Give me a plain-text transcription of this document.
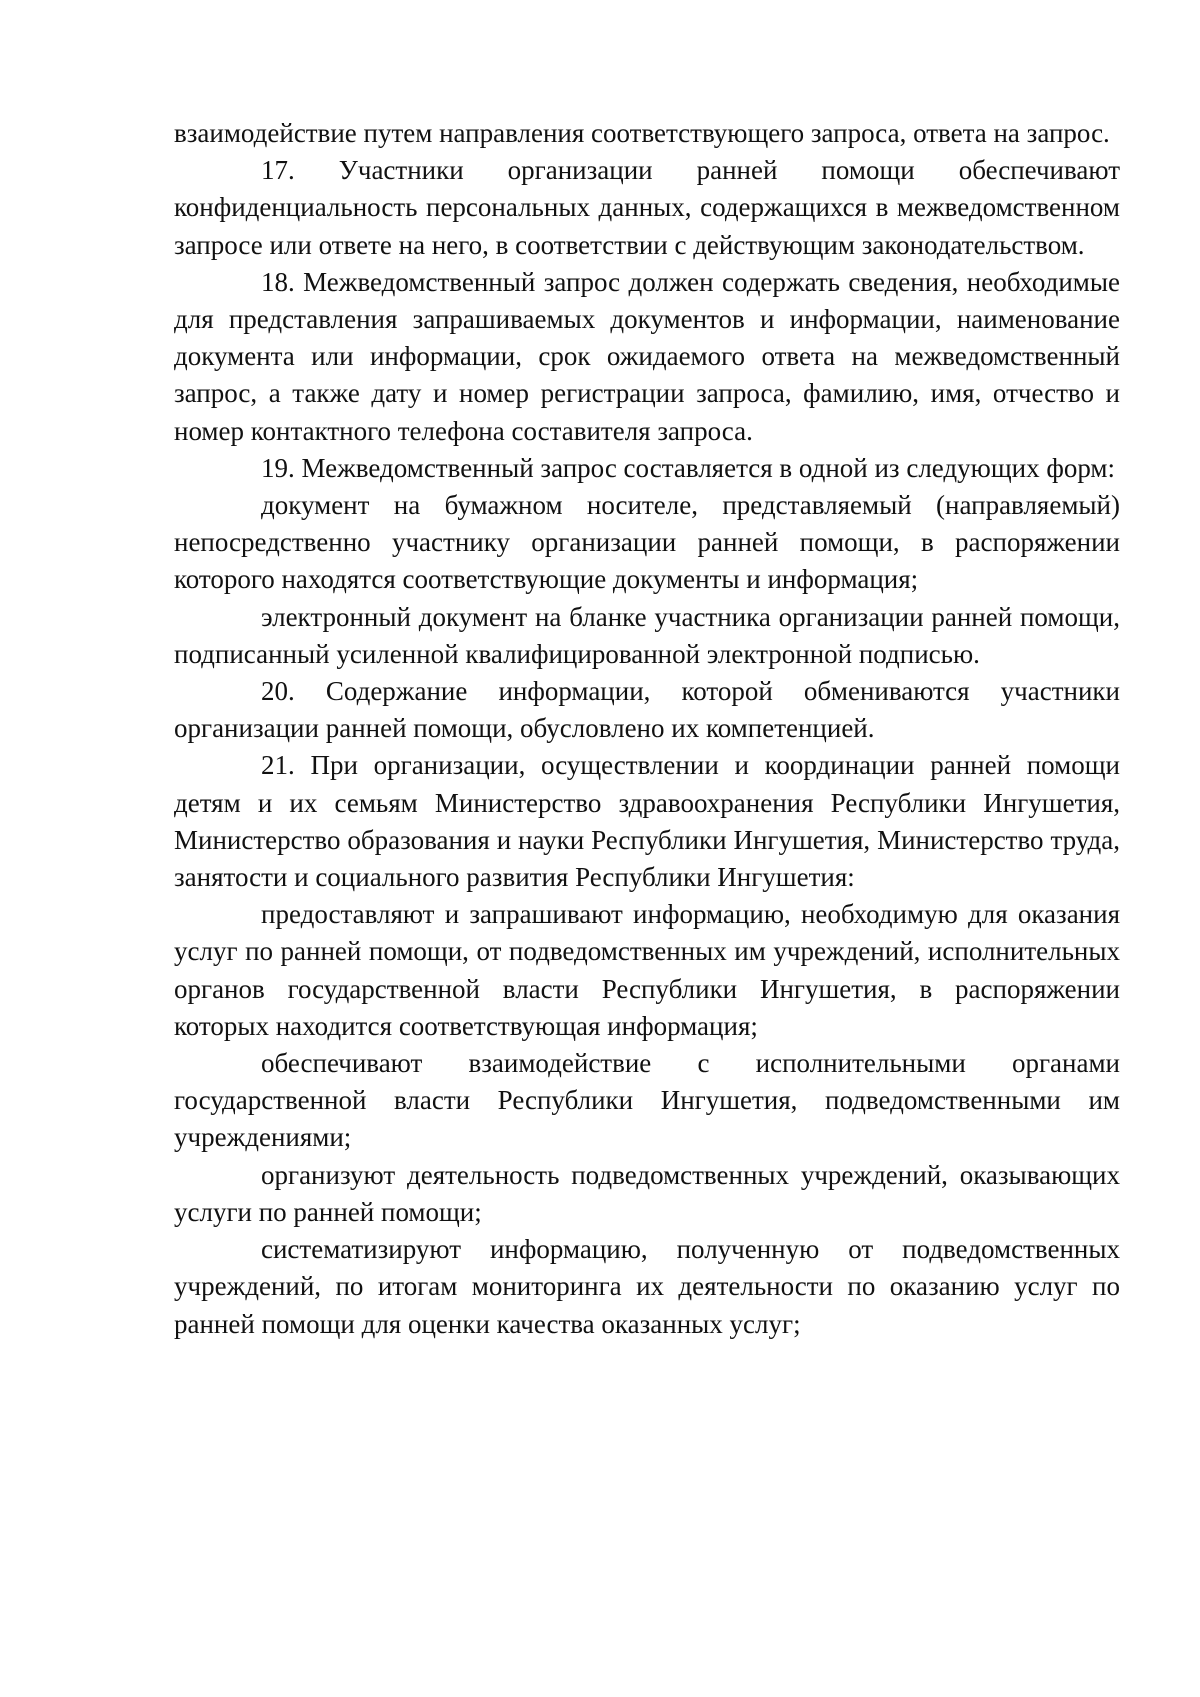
взаимодействие путем направления соответствующего запроса, ответа на запрос.

17. Участники организации ранней помощи обеспечивают конфиденциальность персональных данных, содержащихся в межведомственном запросе или ответе на него, в соответствии с действующим законодательством.

18. Межведомственный запрос должен содержать сведения, необходимые для представления запрашиваемых документов и информации, наименование документа или информации, срок ожидаемого ответа на межведомственный запрос, а также дату и номер регистрации запроса, фамилию, имя, отчество и номер контактного телефона составителя запроса.

19. Межведомственный запрос составляется в одной из следующих форм:

документ на бумажном носителе, представляемый (направляемый) непосредственно участнику организации ранней помощи, в распоряжении которого находятся соответствующие документы и информация;

электронный документ на бланке участника организации ранней помощи, подписанный усиленной квалифицированной электронной подписью.

20. Содержание информации, которой обмениваются участники организации ранней помощи, обусловлено их компетенцией.

21. При организации, осуществлении и координации ранней помощи детям и их семьям Министерство здравоохранения Республики Ингушетия, Министерство образования и науки Республики Ингушетия, Министерство труда, занятости и социального развития Республики Ингушетия:

предоставляют и запрашивают информацию, необходимую для оказания услуг по ранней помощи, от подведомственных им учреждений, исполнительных органов государственной власти Республики Ингушетия, в распоряжении которых находится соответствующая информация;

обеспечивают взаимодействие с исполнительными органами государственной власти Республики Ингушетия, подведомственными им учреждениями;

организуют деятельность подведомственных учреждений, оказывающих услуги по ранней помощи;

систематизируют информацию, полученную от подведомственных учреждений, по итогам мониторинга их деятельности по оказанию услуг по ранней помощи для оценки качества оказанных услуг;
